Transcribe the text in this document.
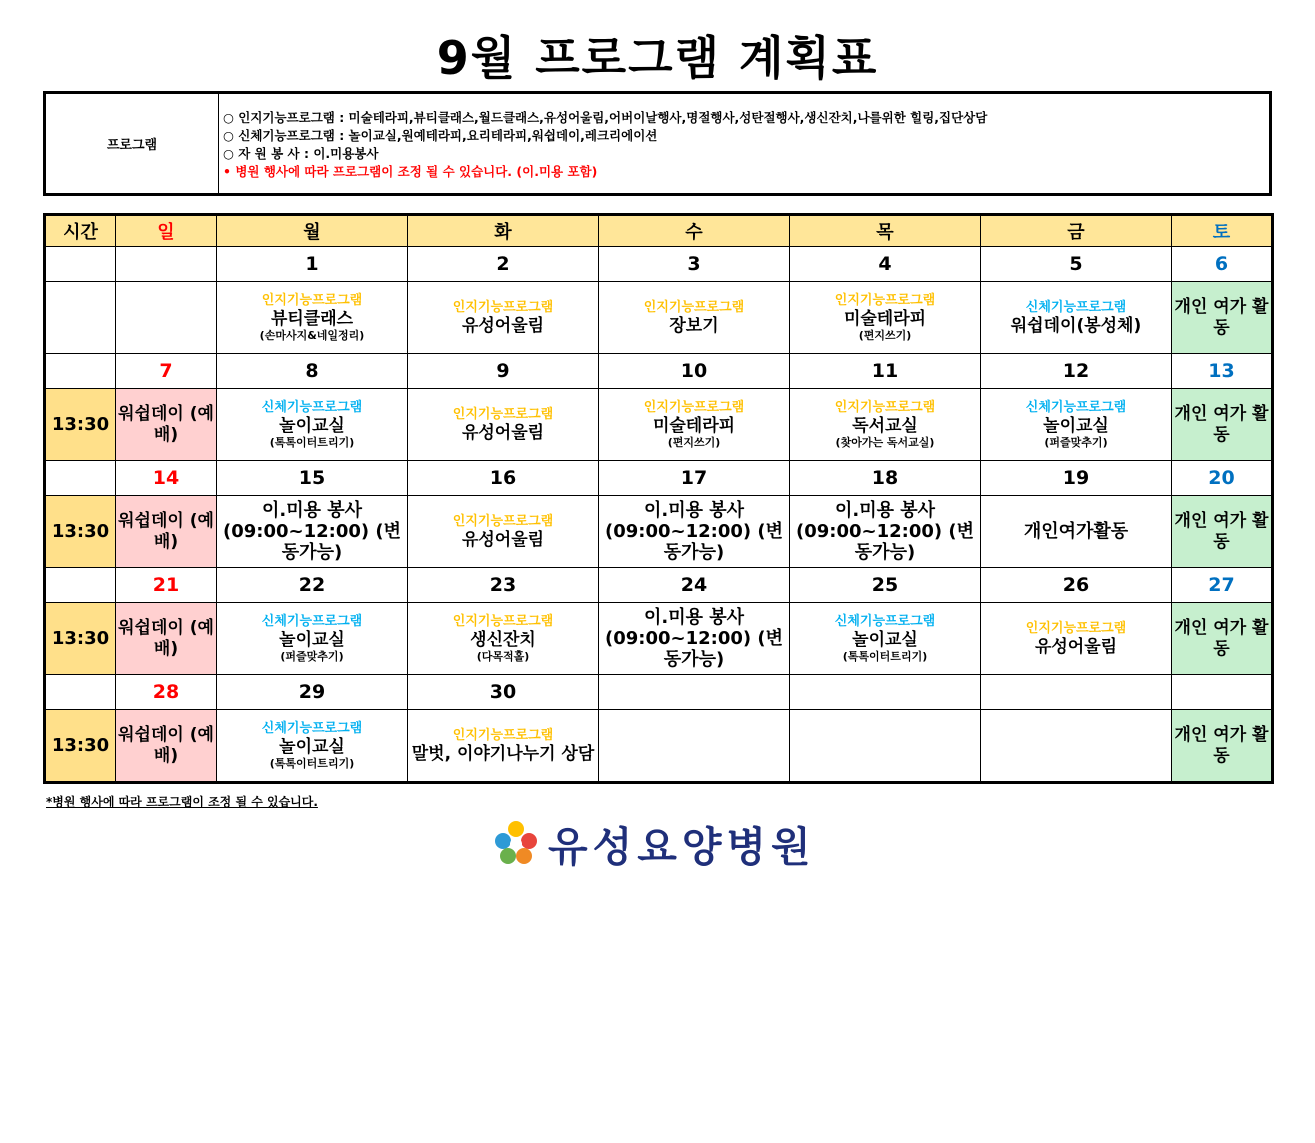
9월 프로그램 계획표
프로그램
○ 인지기능프로그램 : 미술테라피,뷰티클래스,월드클래스,유성어울림,어버이날행사,명절행사,성탄절행사,생신잔치,나를위한 힐링,집단상담
○ 신체기능프로그램 : 놀이교실,원예테라피,요리테라피,워쉽데이,레크리에이션
○ 자 원 봉 사 : 이.미용봉사
• 병원 행사에 따라 프로그램이 조정 될 수 있습니다. (이.미용 포함)
시간	일	월	화	수	목	금	토
		1	2	3	4	5	6

		인지기능프로그램
뷰티클래스
(손마사지&네일정리)	인지기능프로그램
유성어울림	인지기능프로그램
장보기	인지기능프로그램
미술테라피
(편지쓰기)	신체기능프로그램
워쉽데이(봉성체)	개인 여가 활동
	7	8	9	10	11	12	13
13:30	워쉽데이 (예배)	신체기능프로그램
놀이교실
(톡톡이터트리기)	인지기능프로그램
유성어울림	인지기능프로그램
미술테라피
(편지쓰기)	인지기능프로그램
독서교실
(찾아가는 독서교실)	신체기능프로그램
놀이교실
(퍼즐맞추기)	개인 여가 활동
	14	15	16	17	18	19	20
13:30	워쉽데이 (예배)	이.미용 봉사 (09:00~12:00) (변동가능)	인지기능프로그램
유성어울림	이.미용 봉사 (09:00~12:00) (변동가능)	이.미용 봉사 (09:00~12:00) (변동가능)	개인여가활동	개인 여가 활동
	21	22	23	24	25	26	27
13:30	워쉽데이 (예배)	신체기능프로그램
놀이교실
(퍼즐맞추기)	인지기능프로그램
생신잔치
(다목적홀)	이.미용 봉사 (09:00~12:00) (변동가능)	신체기능프로그램
놀이교실
(톡톡이터트리기)	인지기능프로그램
유성어울림	개인 여가 활동
	28	29	30				
13:30	워쉽데이 (예배)	신체기능프로그램
놀이교실
(톡톡이터트리기)	인지기능프로그램
말벗, 이야기나누기 상담				개인 여가 활동
*병원 행사에 따라 프로그램이 조정 될 수 있습니다.
유성요양병원
